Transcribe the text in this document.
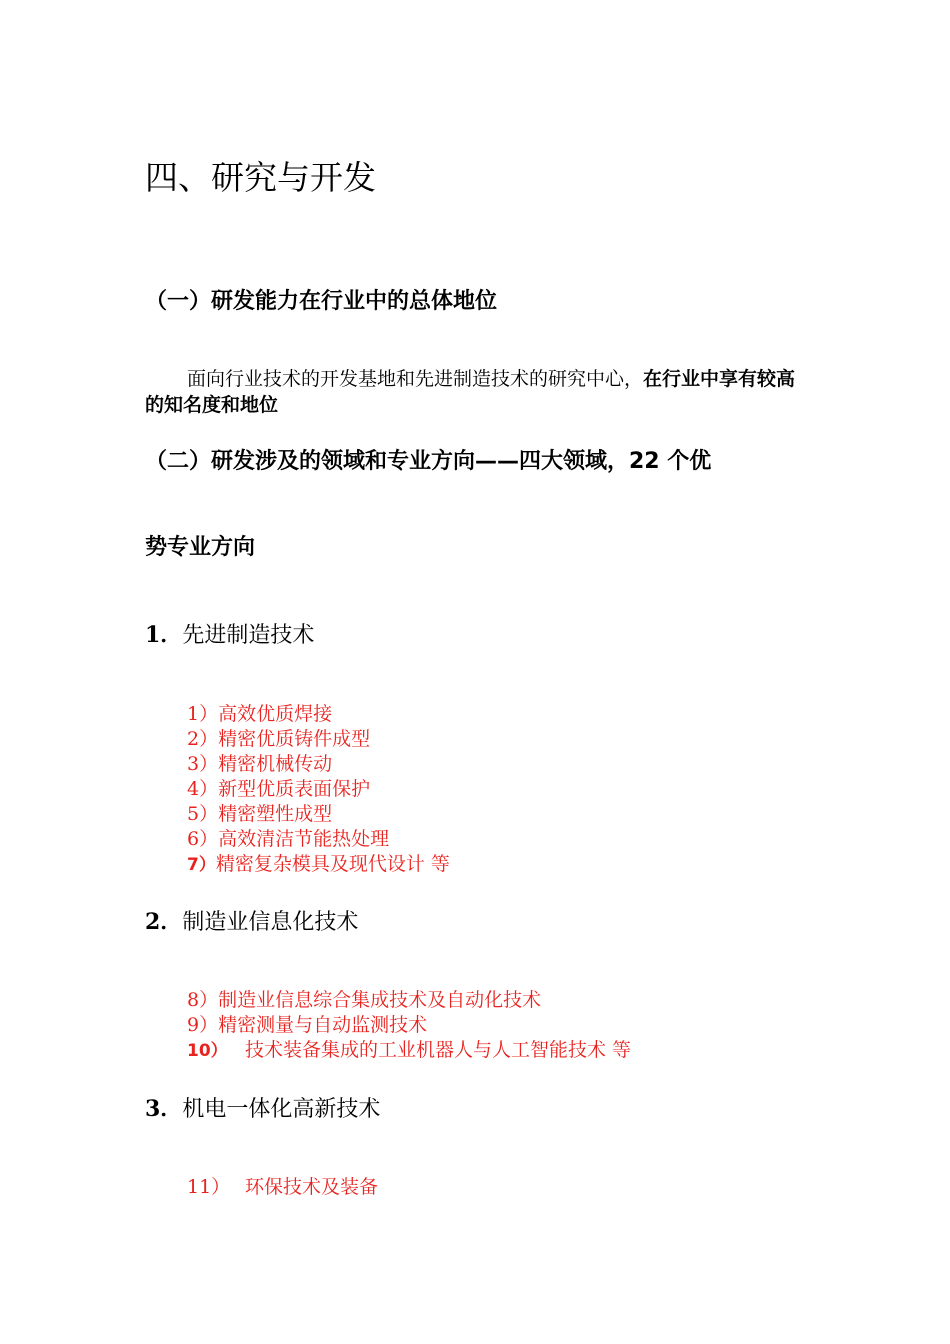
四、研究与开发
（一）研发能力在行业中的总体地位
面向行业技术的开发基地和先进制造技术的研究中心，在行业中享有较高的知名度和地位
（二）研发涉及的领域和专业方向——四大领域，22 个优
势专业方向
1．先进制造技术
1）高效优质焊接
2）精密优质铸件成型
3）精密机械传动
4）新型优质表面保护
5）精密塑性成型
6）高效清洁节能热处理
7）精密复杂模具及现代设计 等
2．制造业信息化技术
8）制造业信息综合集成技术及自动化技术
9）精密测量与自动监测技术
10） 技术装备集成的工业机器人与人工智能技术 等
3．机电一体化高新技术
11） 环保技术及装备
